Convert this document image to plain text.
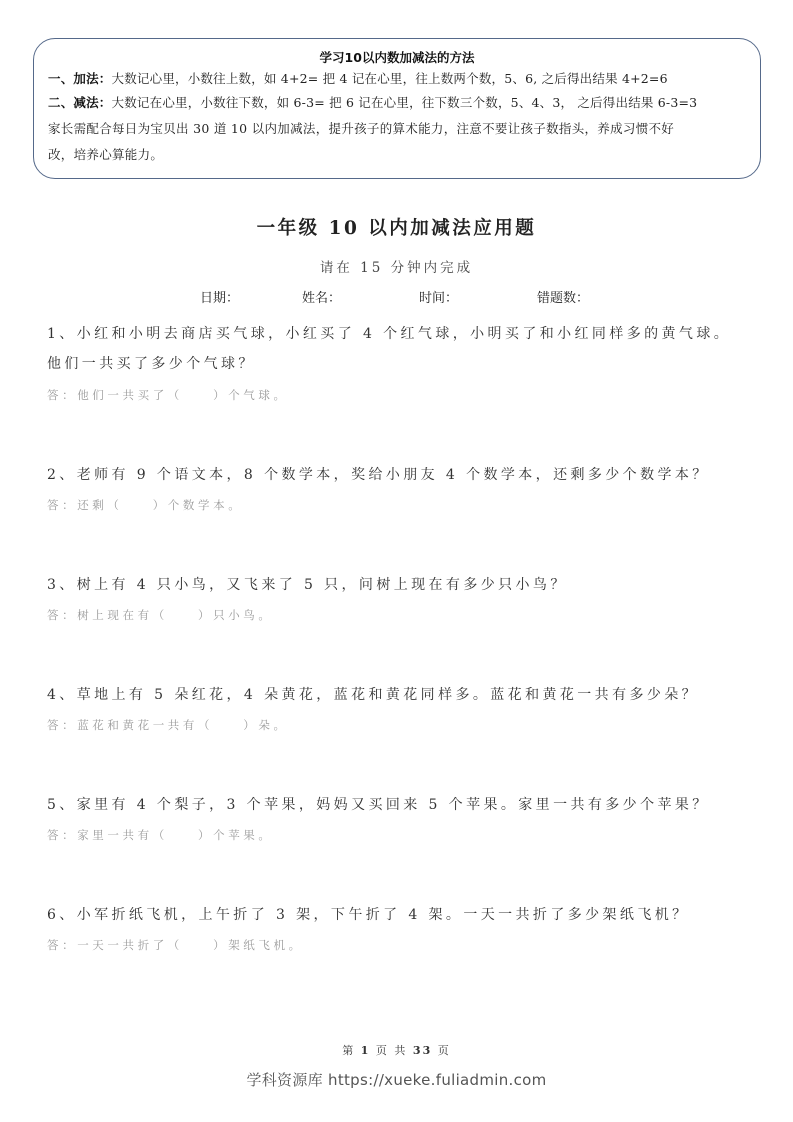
学习10以内数加减法的方法
一、加法：大数记心里，小数往上数，如 4+2= 把 4 记在心里，往上数两个数，5、6, 之后得出结果 4+2=6
二、减法：大数记在心里，小数往下数，如 6-3= 把 6 记在心里，往下数三个数，5、4、3， 之后得出结果 6-3=3
家长需配合每日为宝贝出 30 道 10 以内加减法，提升孩子的算术能力，注意不要让孩子数指头，养成习惯不好
改，培养心算能力。
一年级 10 以内加减法应用题
请在 15 分钟内完成
日期：	姓名：	时间：	错题数：
1、小红和小明去商店买气球，小红买了 4 个红气球，小明买了和小红同样多的黄气球。
他们一共买了多少个气球？
答：他们一共买了（　　）个气球。
2、老师有 9 个语文本，8 个数学本，奖给小朋友 4 个数学本，还剩多少个数学本？
答：还剩（　　）个数学本。
3、树上有 4 只小鸟，又飞来了 5 只，问树上现在有多少只小鸟？
答：树上现在有（　　）只小鸟。
4、草地上有 5 朵红花，4 朵黄花，蓝花和黄花同样多。蓝花和黄花一共有多少朵？
答：蓝花和黄花一共有（　　）朵。
5、家里有 4 个梨子，3 个苹果，妈妈又买回来 5 个苹果。家里一共有多少个苹果？
答：家里一共有（　　）个苹果。
6、小军折纸飞机，上午折了 3 架，下午折了 4 架。一天一共折了多少架纸飞机？
答：一天一共折了（　　）架纸飞机。
第 1 页 共 33 页
学科资源库 https://xueke.fuliadmin.com
